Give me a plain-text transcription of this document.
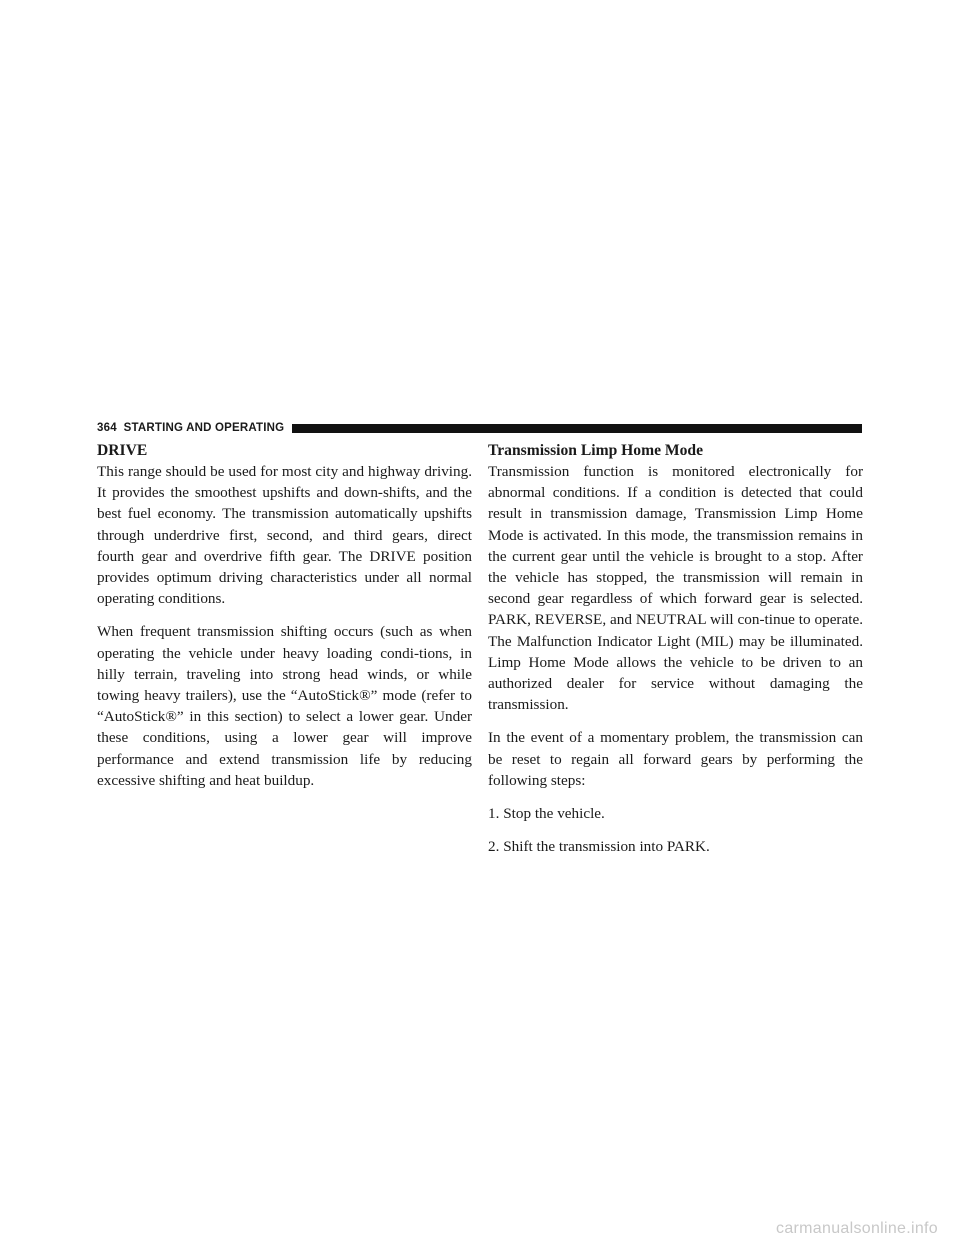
364 STARTING AND OPERATING
DRIVE

This range should be used for most city and highway driving. It provides the smoothest upshifts and down-shifts, and the best fuel economy. The transmission automatically upshifts through underdrive first, second, and third gears, direct fourth gear and overdrive fifth gear. The DRIVE position provides optimum driving characteristics under all normal operating conditions.

When frequent transmission shifting occurs (such as when operating the vehicle under heavy loading condi-tions, in hilly terrain, traveling into strong head winds, or while towing heavy trailers), use the “AutoStick®” mode (refer to “AutoStick®” in this section) to select a lower gear. Under these conditions, using a lower gear will improve performance and extend transmission life by reducing excessive shifting and heat buildup.

Transmission Limp Home Mode

Transmission function is monitored electronically for abnormal conditions. If a condition is detected that could result in transmission damage, Transmission Limp Home Mode is activated. In this mode, the transmission remains in the current gear until the vehicle is brought to a stop. After the vehicle has stopped, the transmission will remain in second gear regardless of which forward gear is selected. PARK, REVERSE, and NEUTRAL will con-tinue to operate. The Malfunction Indicator Light (MIL) may be illuminated. Limp Home Mode allows the vehicle to be driven to an authorized dealer for service without damaging the transmission.

In the event of a momentary problem, the transmission can be reset to regain all forward gears by performing the following steps:

1. Stop the vehicle.

2. Shift the transmission into PARK.

carmanualsonline.info
